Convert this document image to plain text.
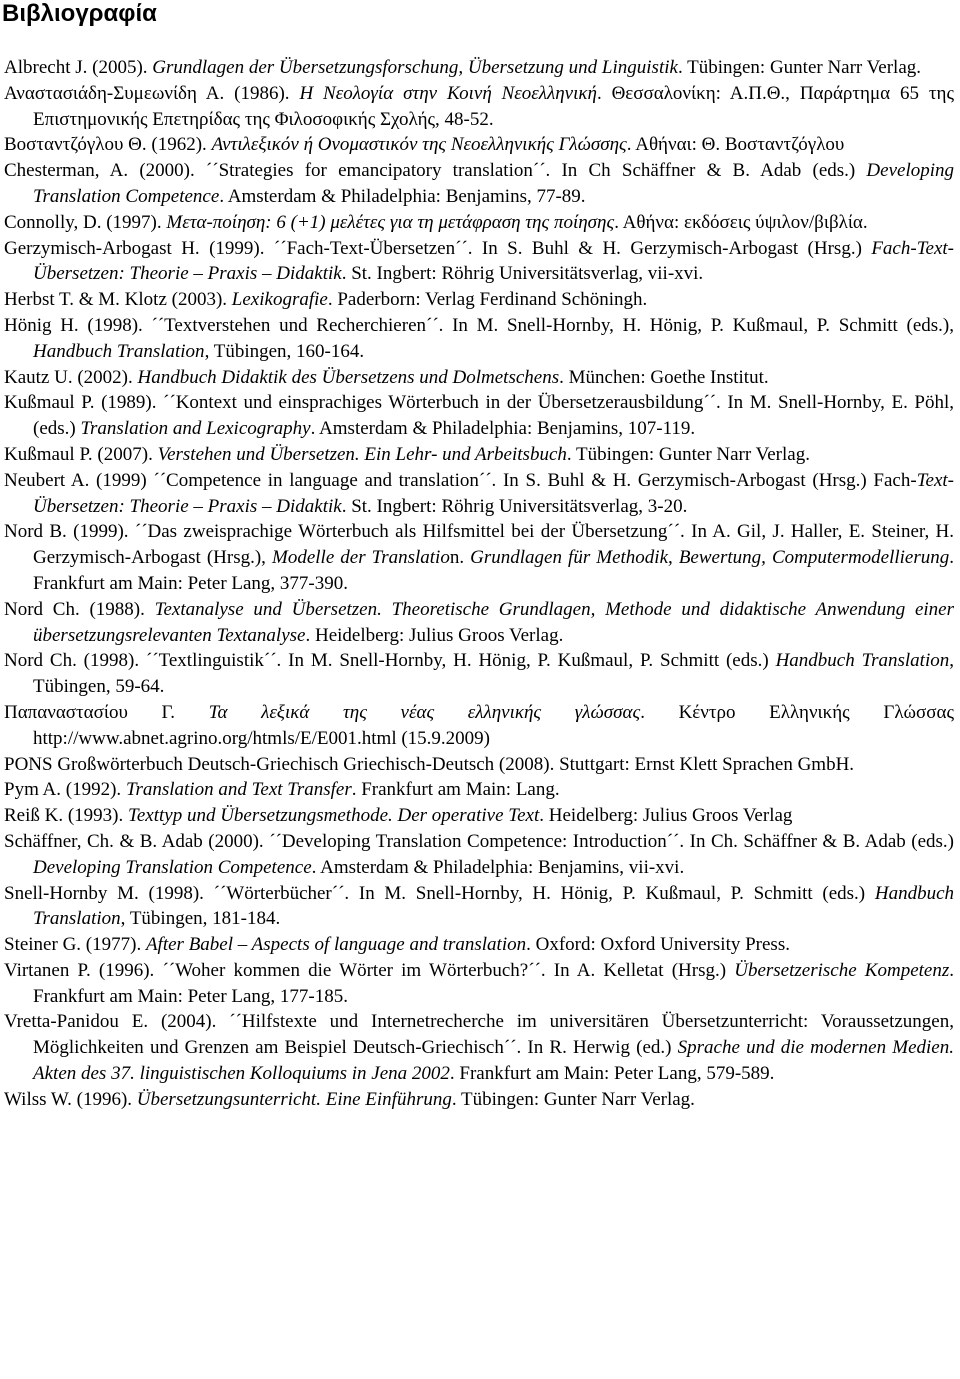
Βιβλιογραφία

Albrecht J. (2005). Grundlagen der Übersetzungsforschung, Übersetzung und Linguistik. Tübingen: Gunter Narr Verlag.

Αναστασιάδη-Συμεωνίδη Α. (1986). Η Νεολογία στην Κοινή Νεοελληνική. Θεσσαλονίκη: Α.Π.Θ., Παράρτημα 65 της Επιστημονικής Επετηρίδας της Φιλοσοφικής Σχολής, 48-52.

Βοσταντζόγλου Θ. (1962). Αντιλεξικόν ή Ονομαστικόν της Νεοελληνικής Γλώσσης. Αθήναι: Θ. Βοσταντζόγλου

Chesterman, A. (2000). ´´Strategies for emancipatory translation´´. In Ch Schäffner & B. Adab (eds.) Developing Translation Competence. Amsterdam & Philadelphia: Benjamins, 77-89.

Connolly, D. (1997). Μετα-ποίηση: 6 (+1) μελέτες για τη μετάφραση της ποίησης. Αθήνα: εκδόσεις ύψιλον/βιβλία.

Gerzymisch-Arbogast H. (1999). ´´Fach-Text-Übersetzen´´. In S. Buhl & H. Gerzymisch-Arbogast (Hrsg.) Fach-Text-Übersetzen: Theorie – Praxis – Didaktik. St. Ingbert: Röhrig Universitätsverlag, vii-xvi.

Herbst T. & M. Klotz (2003). Lexikografie. Paderborn: Verlag Ferdinand Schöningh.

Hönig H. (1998). ´´Textverstehen und Recherchieren´´. In M. Snell-Hornby, H. Hönig, P. Kußmaul, P. Schmitt (eds.), Handbuch Translation, Tübingen, 160-164.

Kautz U. (2002). Handbuch Didaktik des Übersetzens und Dolmetschens. München: Goethe Institut.

Kußmaul P. (1989). ´´Kontext und einsprachiges Wörterbuch in der Übersetzerausbildung´´. In M. Snell-Hornby, E. Pöhl, (eds.) Translation and Lexicography. Amsterdam & Philadelphia: Benjamins, 107-119.

Kußmaul P. (2007). Verstehen und Übersetzen. Ein Lehr- und Arbeitsbuch. Tübingen: Gunter Narr Verlag.

Neubert A. (1999) ´´Competence in language and translation´´. In S. Buhl & H. Gerzymisch-Arbogast (Hrsg.) Fach-Text-Übersetzen: Theorie – Praxis – Didaktik. St. Ingbert: Röhrig Universitätsverlag, 3-20.

Nord B. (1999). ´´Das zweisprachige Wörterbuch als Hilfsmittel bei der Übersetzung´´. In A. Gil, J. Haller, E. Steiner, H. Gerzymisch-Arbogast (Hrsg.), Modelle der Translation. Grundlagen für Methodik, Bewertung, Computermodellierung. Frankfurt am Main: Peter Lang, 377-390.

Nord Ch. (1988). Textanalyse und Übersetzen. Theoretische Grundlagen, Methode und didaktische Anwendung einer übersetzungsrelevanten Textanalyse. Heidelberg: Julius Groos Verlag.

Nord Ch. (1998). ´´Textlinguistik´´. In M. Snell-Hornby, H. Hönig, P. Kußmaul, P. Schmitt (eds.) Handbuch Translation, Tübingen, 59-64.

Παπαναστασίου Γ. Τα λεξικά της νέας ελληνικής γλώσσας. Κέντρο Ελληνικής Γλώσσας http://www.abnet.agrino.org/htmls/E/E001.html (15.9.2009)

PONS Großwörterbuch Deutsch-Griechisch Griechisch-Deutsch (2008). Stuttgart: Ernst Klett Sprachen GmbH.

Pym A. (1992). Translation and Text Transfer. Frankfurt am Main: Lang.

Reiß K. (1993). Texttyp und Übersetzungsmethode. Der operative Text. Heidelberg: Julius Groos Verlag

Schäffner, Ch. & B. Adab (2000). ´´Developing Translation Competence: Introduction´´. In Ch. Schäffner & B. Adab (eds.) Developing Translation Competence. Amsterdam & Philadelphia: Benjamins, vii-xvi.

Snell-Hornby M. (1998). ´´Wörterbücher´´. In M. Snell-Hornby, H. Hönig, P. Kußmaul, P. Schmitt (eds.) Handbuch Translation, Tübingen, 181-184.

Steiner G. (1977). After Babel – Aspects of language and translation. Oxford: Oxford University Press.

Virtanen P. (1996). ´´Woher kommen die Wörter im Wörterbuch?´´. In A. Kelletat (Hrsg.) Übersetzerische Kompetenz. Frankfurt am Main: Peter Lang, 177-185.

Vretta-Panidou E. (2004). ´´Hilfstexte und Internetrecherche im universitären Übersetzunterricht: Voraussetzungen, Möglichkeiten und Grenzen am Beispiel Deutsch-Griechisch´´. In R. Herwig (ed.) Sprache und die modernen Medien. Akten des 37. linguistischen Kolloquiums in Jena 2002. Frankfurt am Main: Peter Lang, 579-589.

Wilss W. (1996). Übersetzungsunterricht. Eine Einführung. Tübingen: Gunter Narr Verlag.
